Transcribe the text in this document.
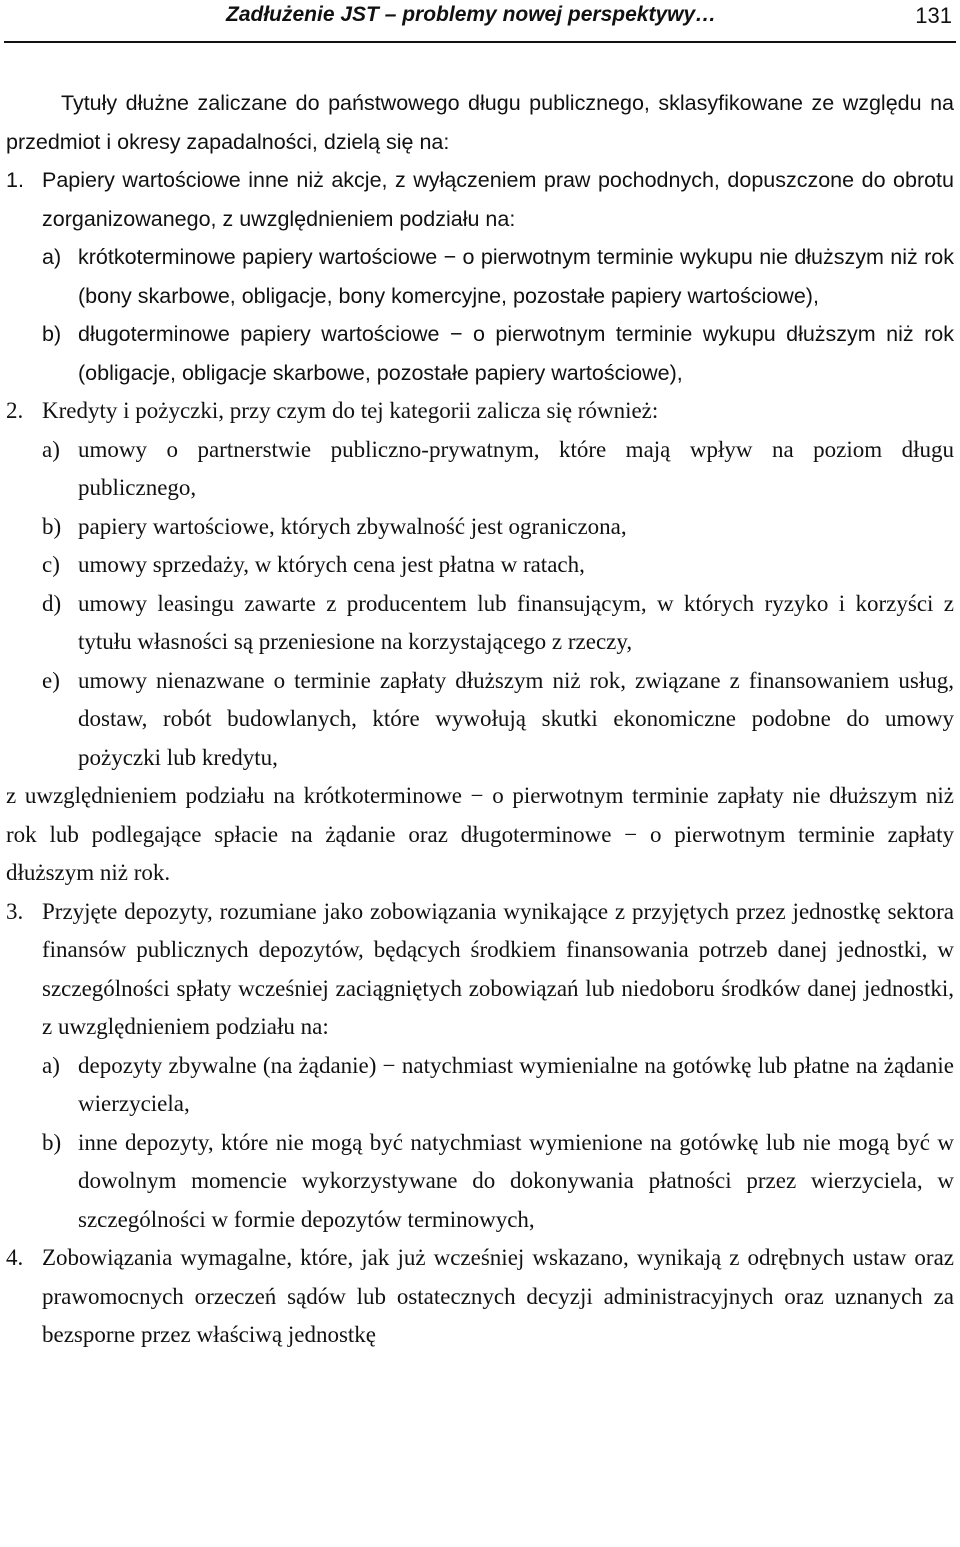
Zadłużenie JST – problemy nowej perspektywy…	131

Tytuły dłużne zaliczane do państwowego długu publicznego, sklasyfikowane ze względu na przedmiot i okresy zapadalności, dzielą się na:

1. Papiery wartościowe inne niż akcje, z wyłączeniem praw pochodnych, dopuszczone do obrotu zorganizowanego, z uwzględnieniem podziału na:

a) krótkoterminowe papiery wartościowe − o pierwotnym terminie wykupu nie dłuższym niż rok (bony skarbowe, obligacje, bony komercyjne, pozostałe papiery wartościowe),
b) długoterminowe papiery wartościowe − o pierwotnym terminie wykupu dłuższym niż rok (obligacje, obligacje skarbowe, pozostałe papiery wartościowe),
2. Kredyty i pożyczki, przy czym do tej kategorii zalicza się również:

a) umowy o partnerstwie publiczno-prywatnym, które mają wpływ na poziom długu publicznego,
b) papiery wartościowe, których zbywalność jest ograniczona,
c) umowy sprzedaży, w których cena jest płatna w ratach,
d) umowy leasingu zawarte z producentem lub finansującym, w których ryzyko i korzyści z tytułu własności są przeniesione na korzystającego z rzeczy,
e) umowy nienazwane o terminie zapłaty dłuższym niż rok, związane z finansowaniem usług, dostaw, robót budowlanych, które wywołują skutki ekonomiczne podobne do umowy pożyczki lub kredytu,

z uwzględnieniem podziału na krótkoterminowe − o pierwotnym terminie zapłaty nie dłuższym niż rok lub podlegające spłacie na żądanie oraz długoterminowe − o pierwotnym terminie zapłaty dłuższym niż rok.

3. Przyjęte depozyty, rozumiane jako zobowiązania wynikające z przyjętych przez jednostkę sektora finansów publicznych depozytów, będących środkiem finansowania potrzeb danej jednostki, w szczególności spłaty wcześniej zaciągniętych zobowiązań lub niedoboru środków danej jednostki, z uwzględnieniem podziału na:

a) depozyty zbywalne (na żądanie) − natychmiast wymienialne na gotówkę lub płatne na żądanie wierzyciela,
b) inne depozyty, które nie mogą być natychmiast wymienione na gotówkę lub nie mogą być w dowolnym momencie wykorzystywane do dokonywania płatności przez wierzyciela, w szczególności w formie depozytów terminowych,
4. Zobowiązania wymagalne, które, jak już wcześniej wskazano, wynikają z odrębnych ustaw oraz prawomocnych orzeczeń sądów lub ostatecznych decyzji administracyjnych oraz uznanych za bezsporne przez właściwą jednostkę
